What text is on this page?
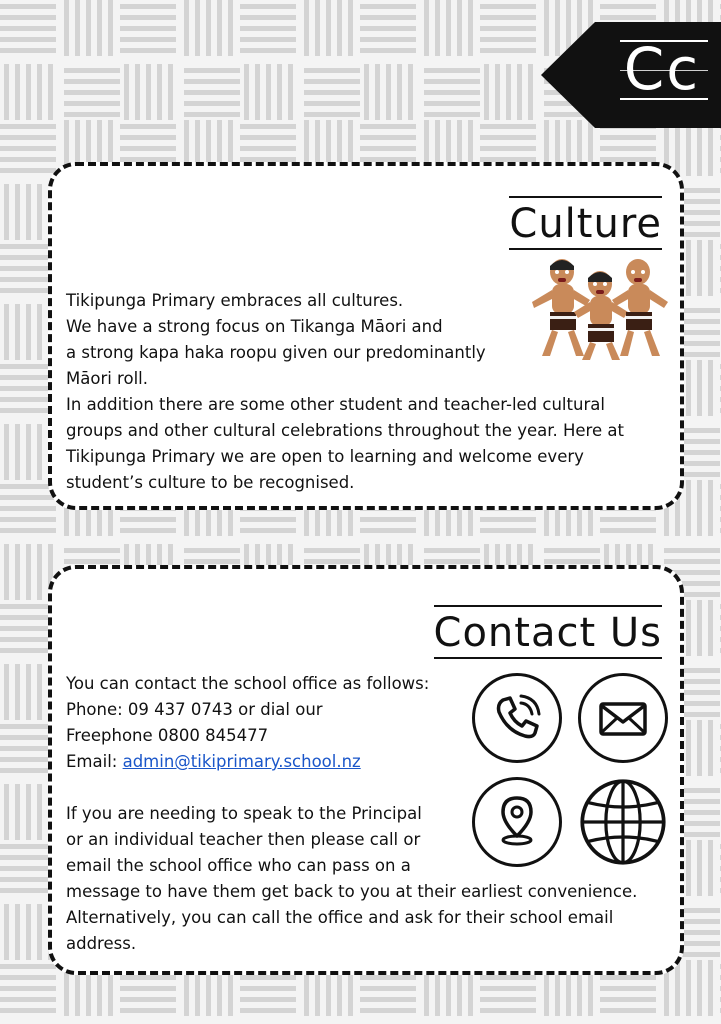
Cc
Culture

Tikipunga Primary embraces all cultures.

We have a strong focus on Tikanga Māori and

a strong kapa haka roopu given our predominantly

Māori roll.

In addition there are some other student and teacher-led cultural groups and other cultural celebrations throughout the year. Here at Tikipunga Primary we are open to learning and welcome every student’s culture to be recognised.

Contact Us

You can contact the school office as follows:

Phone: 09 437 0743 or dial our

Freephone 0800 845477

Email: admin@tikiprimary.school.nz

If you are needing to speak to the Principal

or an individual teacher then please call or

email the school office who can pass on a

message to have them get back to you at their earliest convenience. Alternatively, you can call the office and ask for their school email address.
